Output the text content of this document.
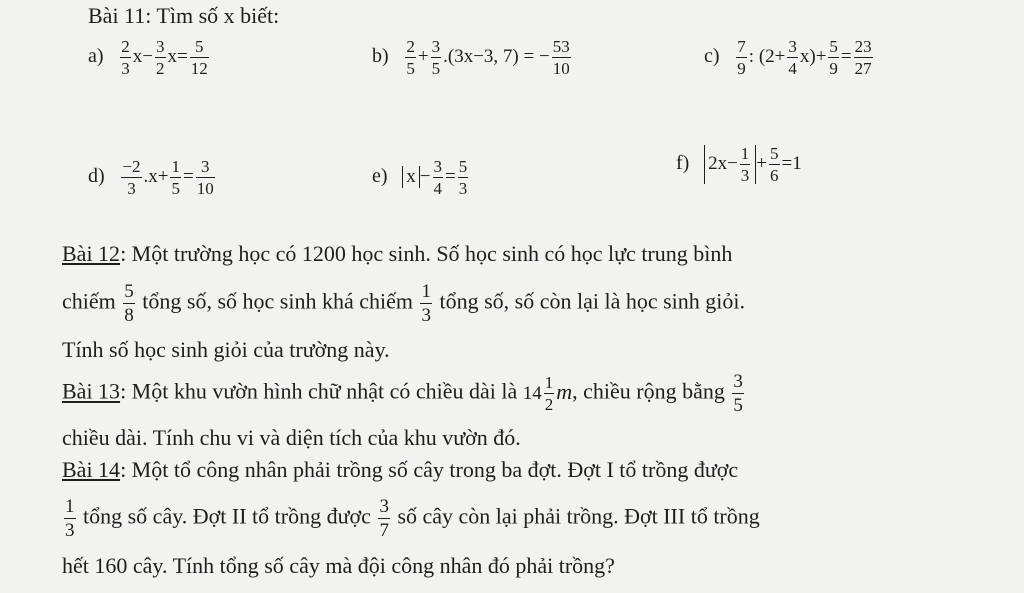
Bài 11: Tìm số x biết:
$a) \frac{2}{3} x- \frac{3}{2} x= \frac{5}{12}$	$b) \frac{2}{5} + \frac{3}{5} .(3x-3$, 7) = − $\frac{53}{10}$	$c) \frac{7}{9}$ : $(2+ \frac{3}{4} x)+ \frac{5}{9} = \frac{23}{27}$
$d) \frac{-2}{3} .x+ \frac{1}{5} = \frac{3}{10}$	e) $x - \frac{3}{4} = \frac{5}{3}$	f) $2x- \frac{1}{3} + \frac{5}{6} =1$
Bài 12: Một trường học có 1200 học sinh. Số học sinh có học lực trung bình
chiếm $\frac{5}{8}$ tổng số, số học sinh khá chiếm $\frac{1}{3}$ tổng số, số còn lại là học sinh giỏi.
Tính số học sinh giỏi của trường này.
Bài 13: Một khu vườn hình chữ nhật có chiều dài là $14 \frac{1}{2} m$, chiều rộng bằng $\frac{3}{5}$
chiều dài. Tính chu vi và diện tích của khu vườn đó.
Bài 14: Một tổ công nhân phải trồng số cây trong ba đợt. Đợt I tổ trồng được
$\frac{1}{3}$ tổng số cây. Đợt II tổ trồng được $\frac{3}{7}$ số cây còn lại phải trồng. Đợt III tổ trồng
hết 160 cây. Tính tổng số cây mà đội công nhân đó phải trồng?
